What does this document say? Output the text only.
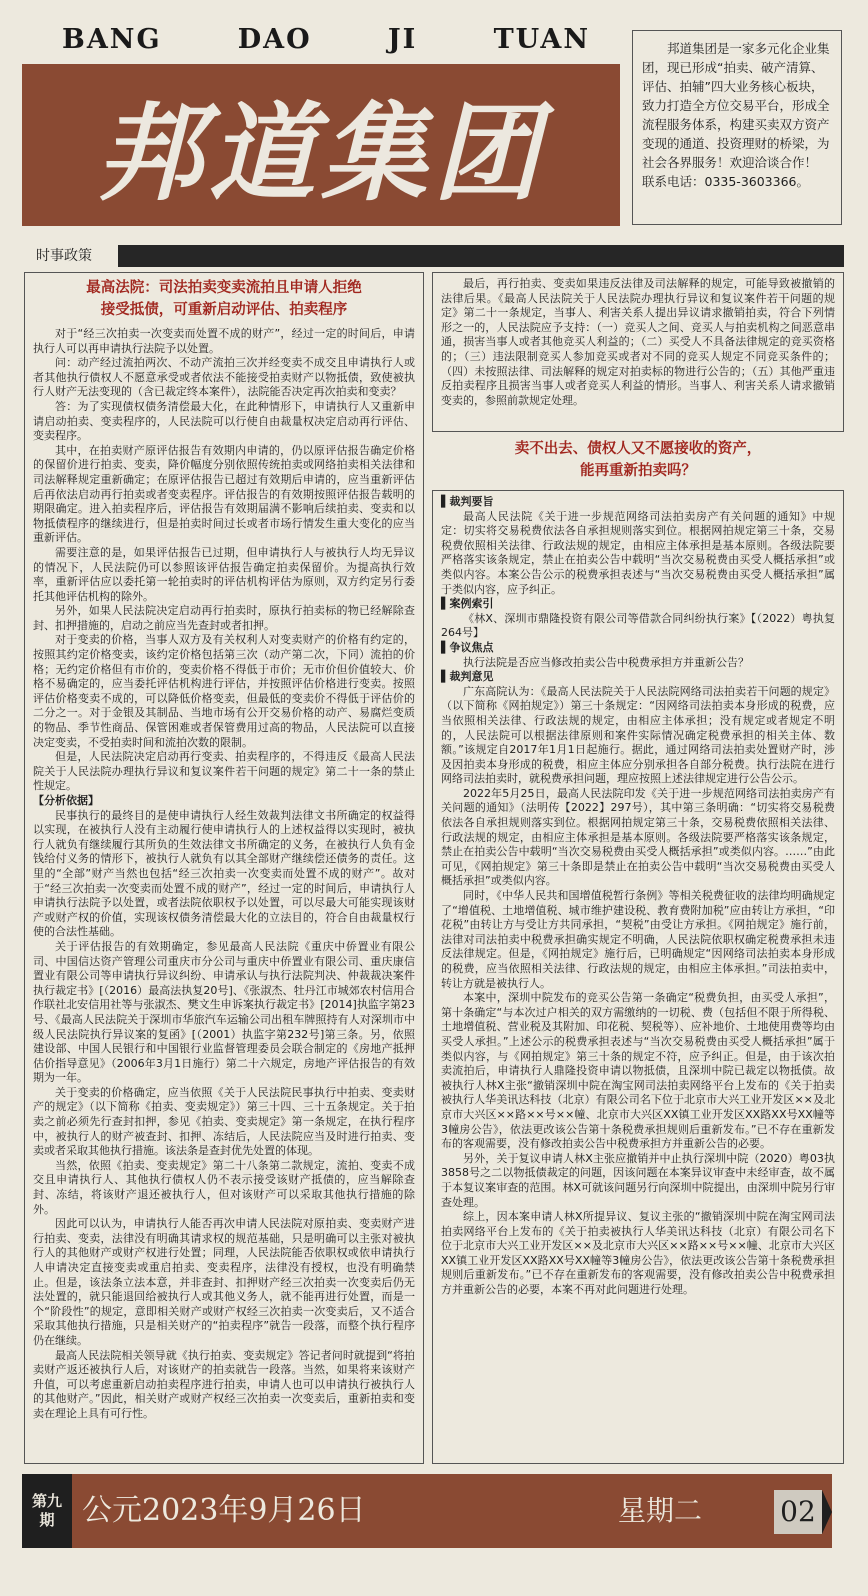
BANG	DAO	JI	TUAN
邦道集团
邦道集团是一家多元化企业集团，现已形成“拍卖、破产清算、评估、拍辅”四大业务核心板块，致力打造全方位交易平台，形成全流程服务体系，构建买卖双方资产变现的通道、投资理财的桥梁，为社会各界服务！欢迎洽谈合作！
联系电话：0335-3603366。
时事政策
最高法院：司法拍卖变卖流拍且申请人拒绝
接受抵债，可重新启动评估、拍卖程序

对于“经三次拍卖一次变卖而处置不成的财产”，经过一定的时间后，申请执行人可以再申请执行法院予以处置。

问：动产经过流拍两次、不动产流拍三次并经变卖不成交且申请执行人或者其他执行债权人不愿意承受或者依法不能接受拍卖财产以物抵债，致使被执行人财产无法变现的（含已裁定终本案件），法院能否决定再次拍卖和变卖？

答：为了实现债权债务清偿最大化，在此种情形下，申请执行人又重新申请启动拍卖、变卖程序的，人民法院可以行使自由裁量权决定启动再行评估、变卖程序。

其中，在拍卖财产原评估报告有效期内申请的，仍以原评估报告确定价格的保留价进行拍卖、变卖，降价幅度分别依照传统拍卖或网络拍卖相关法律和司法解释规定重新确定；在原评估报告已超过有效期后申请的，应当重新评估后再依法启动再行拍卖或者变卖程序。评估报告的有效期按照评估报告载明的期限确定。进入拍卖程序后，评估报告有效期届满不影响后续拍卖、变卖和以物抵债程序的继续进行，但是拍卖时间过长或者市场行情发生重大变化的应当重新评估。

需要注意的是，如果评估报告已过期，但申请执行人与被执行人均无异议的情况下，人民法院仍可以参照该评估报告确定拍卖保留价。为提高执行效率，重新评估应以委托第一轮拍卖时的评估机构评估为原则，双方约定另行委托其他评估机构的除外。

另外，如果人民法院决定启动再行拍卖时，原执行拍卖标的物已经解除查封、扣押措施的，启动之前应当先查封或者扣押。

对于变卖的价格，当事人双方及有关权利人对变卖财产的价格有约定的，按照其约定价格变卖，该约定价格包括第三次（动产第二次，下同）流拍的价格；无约定价格但有市价的，变卖价格不得低于市价；无市价但价值较大、价格不易确定的，应当委托评估机构进行评估，并按照评估价格进行变卖。按照评估价格变卖不成的，可以降低价格变卖，但最低的变卖价不得低于评估价的二分之一。对于金银及其制品、当地市场有公开交易价格的动产、易腐烂变质的物品、季节性商品、保管困难或者保管费用过高的物品，人民法院可以直接决定变卖，不受拍卖时间和流拍次数的限制。

但是，人民法院决定启动再行变卖、拍卖程序的，不得违反《最高人民法院关于人民法院办理执行异议和复议案件若干问题的规定》第二十一条的禁止性规定。

【分析依据】

民事执行的最终目的是使申请执行人经生效裁判法律文书所确定的权益得以实现，在被执行人没有主动履行使申请执行人的上述权益得以实现时，被执行人就负有继续履行其所负的生效法律文书所确定的义务，在被执行人负有金钱给付义务的情形下，被执行人就负有以其全部财产继续偿还债务的责任。这里的“全部”财产当然也包括“经三次拍卖一次变卖而处置不成的财产”。故对于“经三次拍卖一次变卖而处置不成的财产”，经过一定的时间后，申请执行人申请执行法院予以处置，或者法院依职权予以处置，可以尽最大可能实现该财产或财产权的价值，实现该权债务清偿最大化的立法目的，符合自由裁量权行使的合法性基础。

关于评估报告的有效期确定，参见最高人民法院《重庆中侨置业有限公司、中国信达资产管理公司重庆市分公司与重庆中侨置业有限公司、重庆康信置业有限公司等申请执行异议纠纷、申请承认与执行法院判决、仲裁裁决案件执行裁定书》[（2016）最高法执复20号]、《张淑杰、牡丹江市城郊农村信用合作联社北安信用社等与张淑杰、樊文生申诉案执行裁定书》[2014]执监字第23号、《最高人民法院关于深圳市华旅汽车运输公司出租车牌照持有人对深圳市中级人民法院执行异议案的复函》[（2001）执监字第232号]第三条。另，依照建设部、中国人民银行和中国银行业监督管理委员会联合制定的《房地产抵押估价指导意见》（2006年3月1日施行）第二十六规定，房地产评估报告的有效期为一年。

关于变卖的价格确定，应当依照《关于人民法院民事执行中拍卖、变卖财产的规定》（以下简称《拍卖、变卖规定》）第三十四、三十五条规定。关于拍卖之前必须先行查封扣押，参见《拍卖、变卖规定》第一条规定，在执行程序中，被执行人的财产被查封、扣押、冻结后，人民法院应当及时进行拍卖、变卖或者采取其他执行措施。该法条是查封优先处置的体现。

当然，依照《拍卖、变卖规定》第二十八条第二款规定，流拍、变卖不成交且申请执行人、其他执行债权人仍不表示接受该财产抵债的，应当解除查封、冻结，将该财产退还被执行人，但对该财产可以采取其他执行措施的除外。

因此可以认为，申请执行人能否再次申请人民法院对原拍卖、变卖财产进行拍卖、变卖，法律没有明确其请求权的规范基础，只是明确可以主张对被执行人的其他财产或财产权进行处置；同理，人民法院能否依职权或依申请执行人申请决定直接变卖或重启拍卖、变卖程序，法律没有授权，也没有明确禁止。但是，该法条立法本意，并非查封、扣押财产经三次拍卖一次变卖后仍无法处置的，就只能退回给被执行人或其他义务人，就不能再进行处置，而是一个“阶段性”的规定，意即相关财产或财产权经三次拍卖一次变卖后，又不适合采取其他执行措施，只是相关财产的“拍卖程序”就告一段落，而整个执行程序仍在继续。

最高人民法院相关领导就《执行拍卖、变卖规定》答记者问时就提到“将拍卖财产返还被执行人后，对该财产的拍卖就告一段落。当然，如果将来该财产升值，可以考虑重新启动拍卖程序进行拍卖，申请人也可以申请执行被执行人的其他财产。”因此，相关财产或财产权经三次拍卖一次变卖后，重新拍卖和变卖在理论上具有可行性。

最后，再行拍卖、变卖如果违反法律及司法解释的规定，可能导致被撤销的法律后果。《最高人民法院关于人民法院办理执行异议和复议案件若干问题的规定》第二十一条规定，当事人、利害关系人提出异议请求撤销拍卖，符合下列情形之一的，人民法院应予支持：（一）竞买人之间、竞买人与拍卖机构之间恶意串通，损害当事人或者其他竞买人利益的；（二）买受人不具备法律规定的竞买资格的；（三）违法限制竞买人参加竞买或者对不同的竞买人规定不同竞买条件的；（四）未按照法律、司法解释的规定对拍卖标的物进行公告的；（五）其他严重违反拍卖程序且损害当事人或者竞买人利益的情形。当事人、利害关系人请求撤销变卖的，参照前款规定处理。

卖不出去、债权人又不愿接收的资产，
能再重新拍卖吗？

▌裁判要旨

最高人民法院《关于进一步规范网络司法拍卖房产有关问题的通知》中规定：切实将交易税费依法各自承担规则落实到位。根据网拍规定第三十条，交易税费依照相关法律、行政法规的规定，由相应主体承担是基本原则。各级法院要严格落实该条规定，禁止在拍卖公告中载明“当次交易税费由买受人概括承担”或类似内容。本案公告公示的税费承担表述与“当次交易税费由买受人概括承担”属于类似内容，应予纠正。

▌案例索引

《林X、深圳市鼎隆投资有限公司等借款合同纠纷执行案》【（2022）粤执复264号】

▌争议焦点

执行法院是否应当修改拍卖公告中税费承担方并重新公告？

▌裁判意见

广东高院认为：《最高人民法院关于人民法院网络司法拍卖若干问题的规定》（以下简称《网拍规定》）第三十条规定：“因网络司法拍卖本身形成的税费，应当依照相关法律、行政法规的规定，由相应主体承担；没有规定或者规定不明的，人民法院可以根据法律原则和案件实际情况确定税费承担的相关主体、数额。”该规定自2017年1月1日起施行。据此，通过网络司法拍卖处置财产时，涉及因拍卖本身形成的税费，相应主体应分别承担各自部分税费。执行法院在进行网络司法拍卖时，就税费承担问题，理应按照上述法律规定进行公告公示。

2022年5月25日，最高人民法院印发《关于进一步规范网络司法拍卖房产有关问题的通知》（法明传【2022】297号），其中第三条明确：“切实将交易税费依法各自承担规则落实到位。根据网拍规定第三十条，交易税费依照相关法律、行政法规的规定，由相应主体承担是基本原则。各级法院要严格落实该条规定，禁止在拍卖公告中载明“当次交易税费由买受人概括承担”或类似内容。……”由此可见，《网拍规定》第三十条即是禁止在拍卖公告中载明“当次交易税费由买受人概括承担”或类似内容。

同时，《中华人民共和国增值税暂行条例》等相关税费征收的法律均明确规定了“增值税、土地增值税、城市维护建设税、教育费附加税”应由转让方承担，“印花税”由转让方与受让方共同承担，“契税”由受让方承担。《网拍规定》施行前，法律对司法拍卖中税费承担确实规定不明确，人民法院依职权确定税费承担未违反法律规定。但是，《网拍规定》施行后，已明确规定“因网络司法拍卖本身形成的税费，应当依照相关法律、行政法规的规定，由相应主体承担。”司法拍卖中，转让方就是被执行人。

本案中，深圳中院发布的竞买公告第一条确定“税费负担，由买受人承担”，第十条确定“与本次过户相关的双方需缴纳的一切税、费（包括但不限于所得税、土地增值税、营业税及其附加、印花税、契税等）、应补地价、土地使用费等均由买受人承担。”上述公示的税费承担表述与“当次交易税费由买受人概括承担”属于类似内容，与《网拍规定》第三十条的规定不符，应予纠正。但是，由于该次拍卖流拍后，申请执行人鼎隆投资申请以物抵债，且深圳中院已裁定以物抵债。故被执行人林X主张“撤销深圳中院在淘宝网司法拍卖网络平台上发布的《关于拍卖被执行人华美讯达科技（北京）有限公司名下位于北京市大兴工业开发区××及北京市大兴区××路××号××幢、北京市大兴区XX镇工业开发区XX路XX号XX幢等3幢房公告》，依法更改该公告第十条税费承担规则后重新发布。”已不存在重新发布的客观需要，没有修改拍卖公告中税费承担方并重新公告的必要。

另外，关于复议申请人林X主张应撤销并中止执行深圳中院（2020）粤03执3858号之二以物抵债裁定的问题，因该问题在本案异议审查中未经审查，故不属于本复议案审查的范围。林X可就该问题另行向深圳中院提出，由深圳中院另行审查处理。

综上，因本案申请人林X所提异议、复议主张的“撤销深圳中院在淘宝网司法拍卖网络平台上发布的《关于拍卖被执行人华美讯达科技（北京）有限公司名下位于北京市大兴工业开发区××及北京市大兴区××路××号××幢、北京市大兴区XX镇工业开发区XX路XX号XX幢等3幢房公告》，依法更改该公告第十条税费承担规则后重新发布。”已不存在重新发布的客观需要，没有修改拍卖公告中税费承担方并重新公告的必要，本案不再对此问题进行处理。

第九
期 公元2023年9月26日	星期二	02
